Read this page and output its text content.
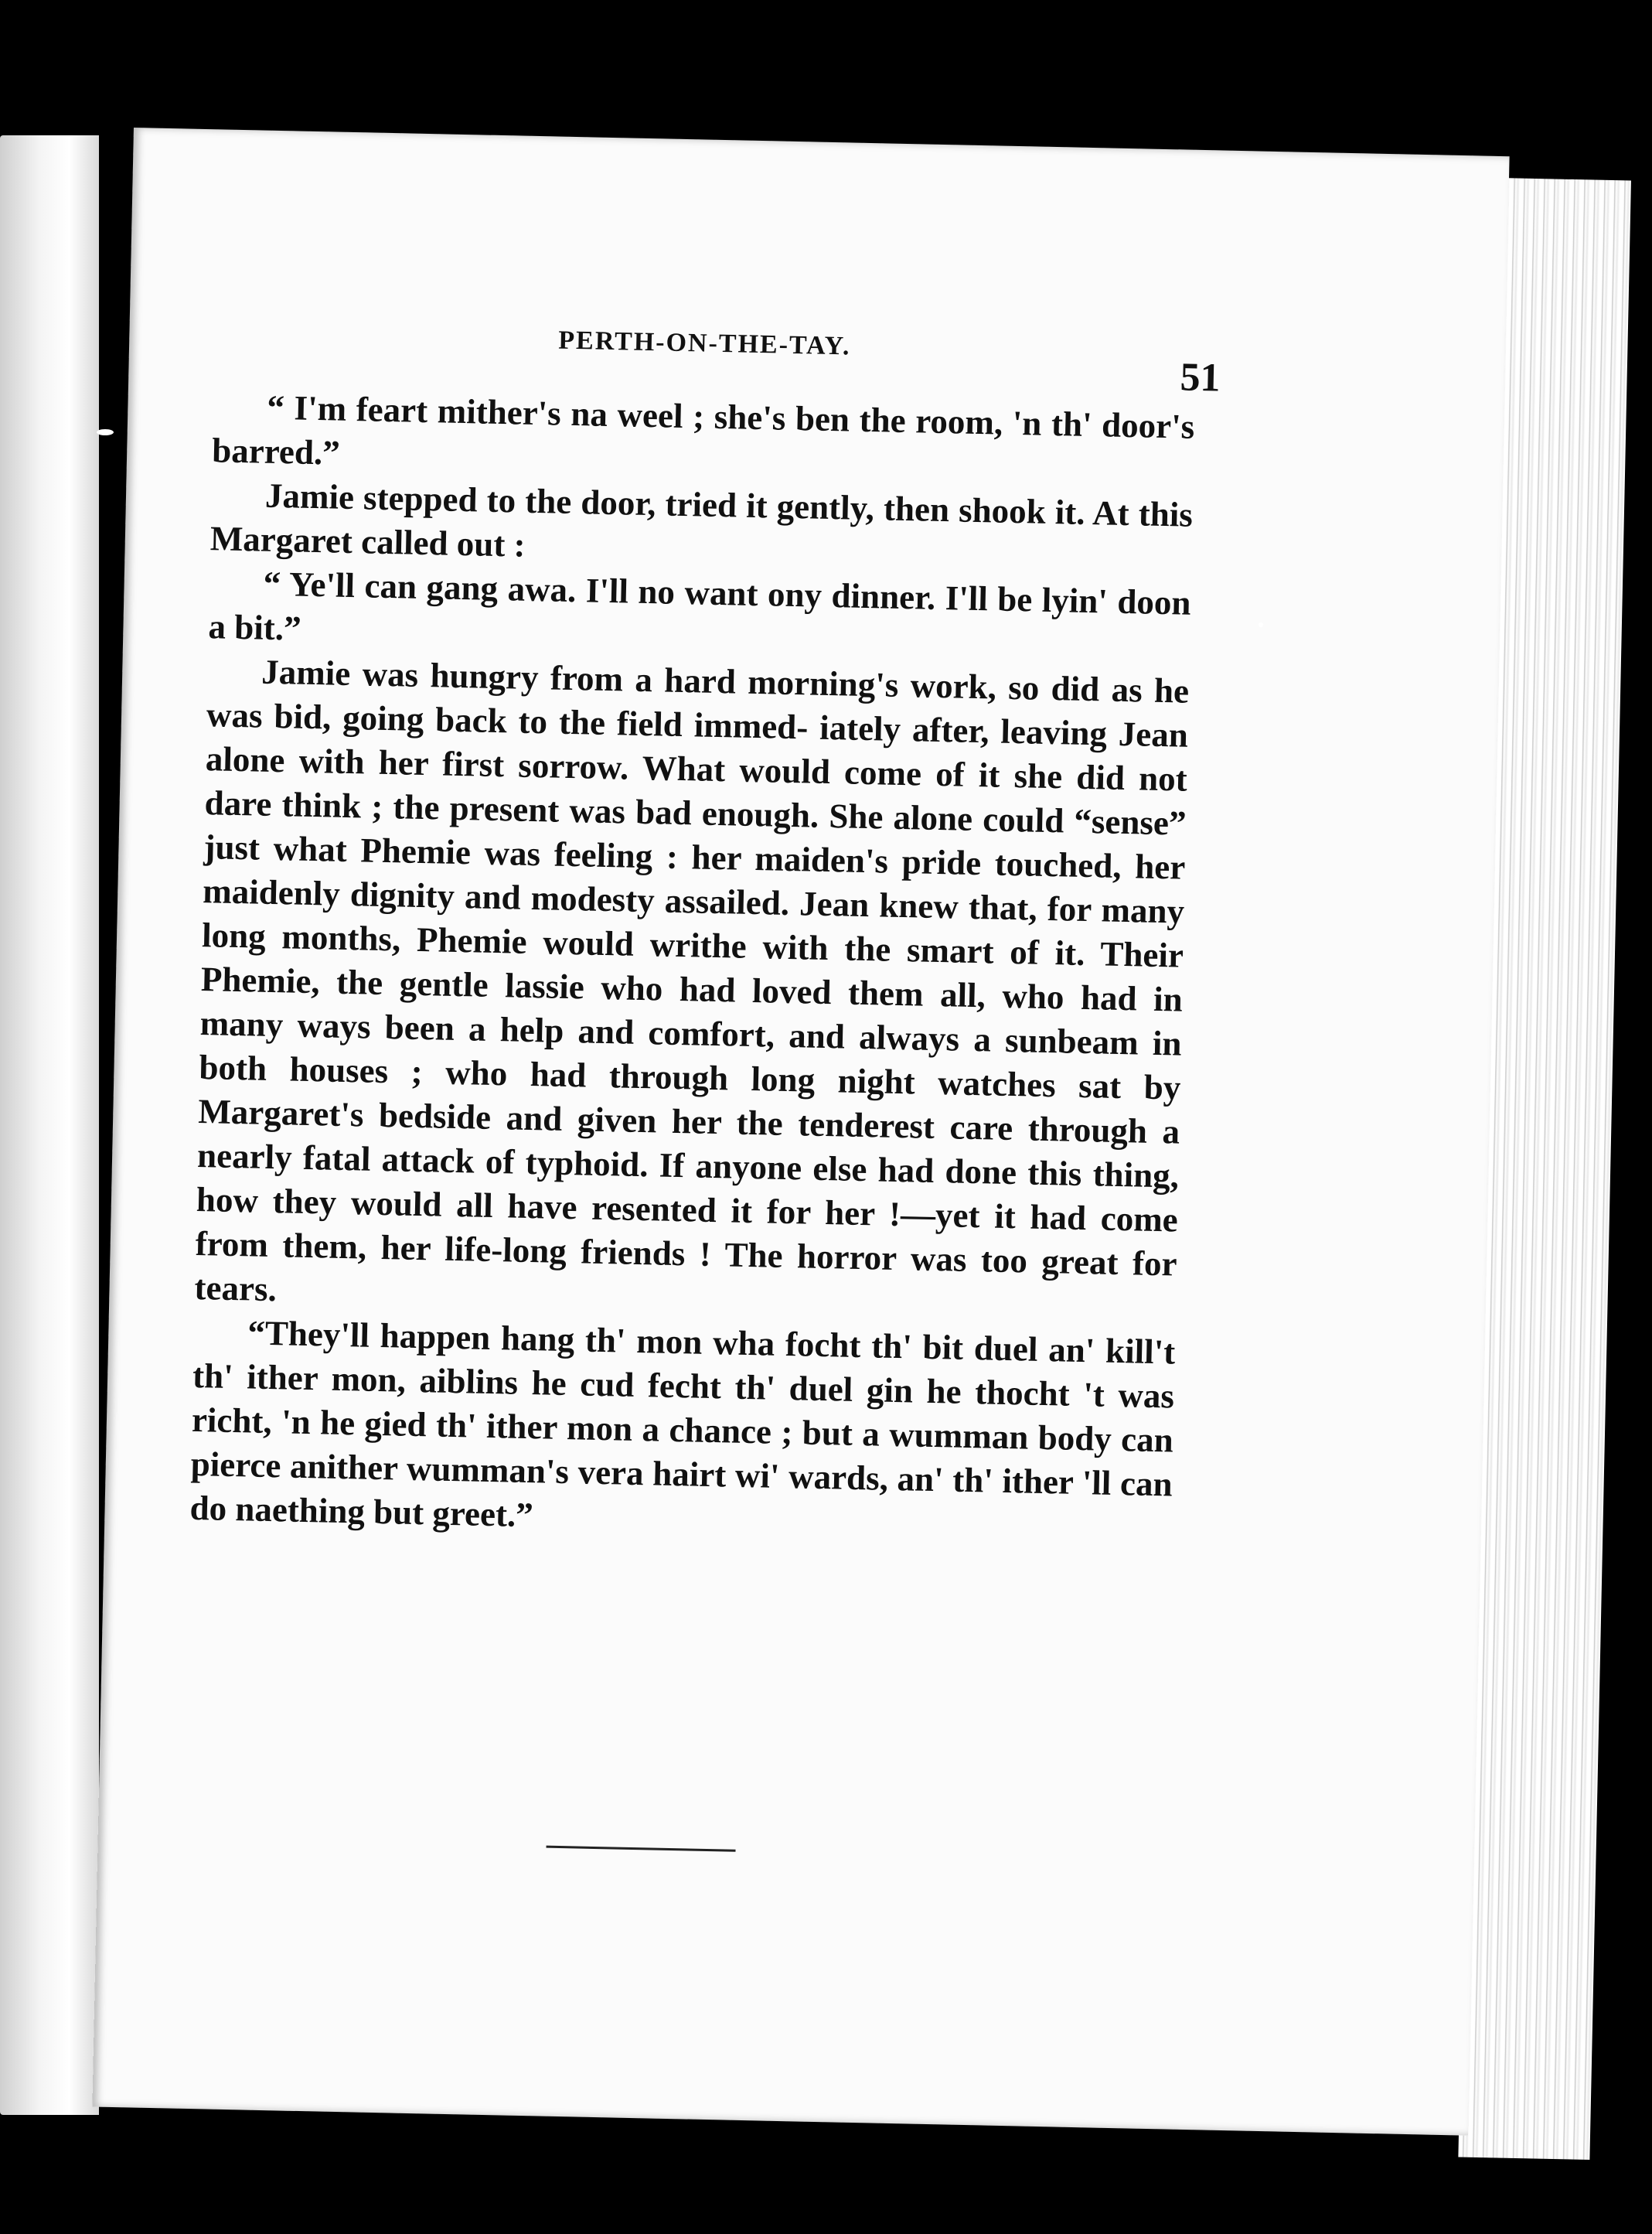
PERTH-ON-THE-TAY.
51

“ I'm feart mither's na weel ; she's ben the room, 'n th' door's barred.”

Jamie stepped to the door, tried it gently, then shook it. At this Margaret called out :

“ Ye'll can gang awa. I'll no want ony dinner. I'll be lyin' doon a bit.”

Jamie was hungry from a hard morning's work, so did as he was bid, going back to the field immed- iately after, leaving Jean alone with her first sorrow. What would come of it she did not dare think ; the present was bad enough. She alone could “sense” just what Phemie was feeling : her maiden's pride touched, her maidenly dignity and modesty assailed. Jean knew that, for many long months, Phemie would writhe with the smart of it. Their Phemie, the gentle lassie who had loved them all, who had in many ways been a help and comfort, and always a sunbeam in both houses ; who had through long night watches sat by Margaret's bedside and given her the tenderest care through a nearly fatal attack of typhoid. If anyone else had done this thing, how they would all have resented it for her !—yet it had come from them, her life-long friends ! The horror was too great for tears.

“They'll happen hang th' mon wha focht th' bit duel an' kill't th' ither mon, aiblins he cud fecht th' duel gin he thocht 't was richt, 'n he gied th' ither mon a chance ; but a wumman body can pierce anither wumman's vera hairt wi' wards, an' th' ither 'll can do naething but greet.”
